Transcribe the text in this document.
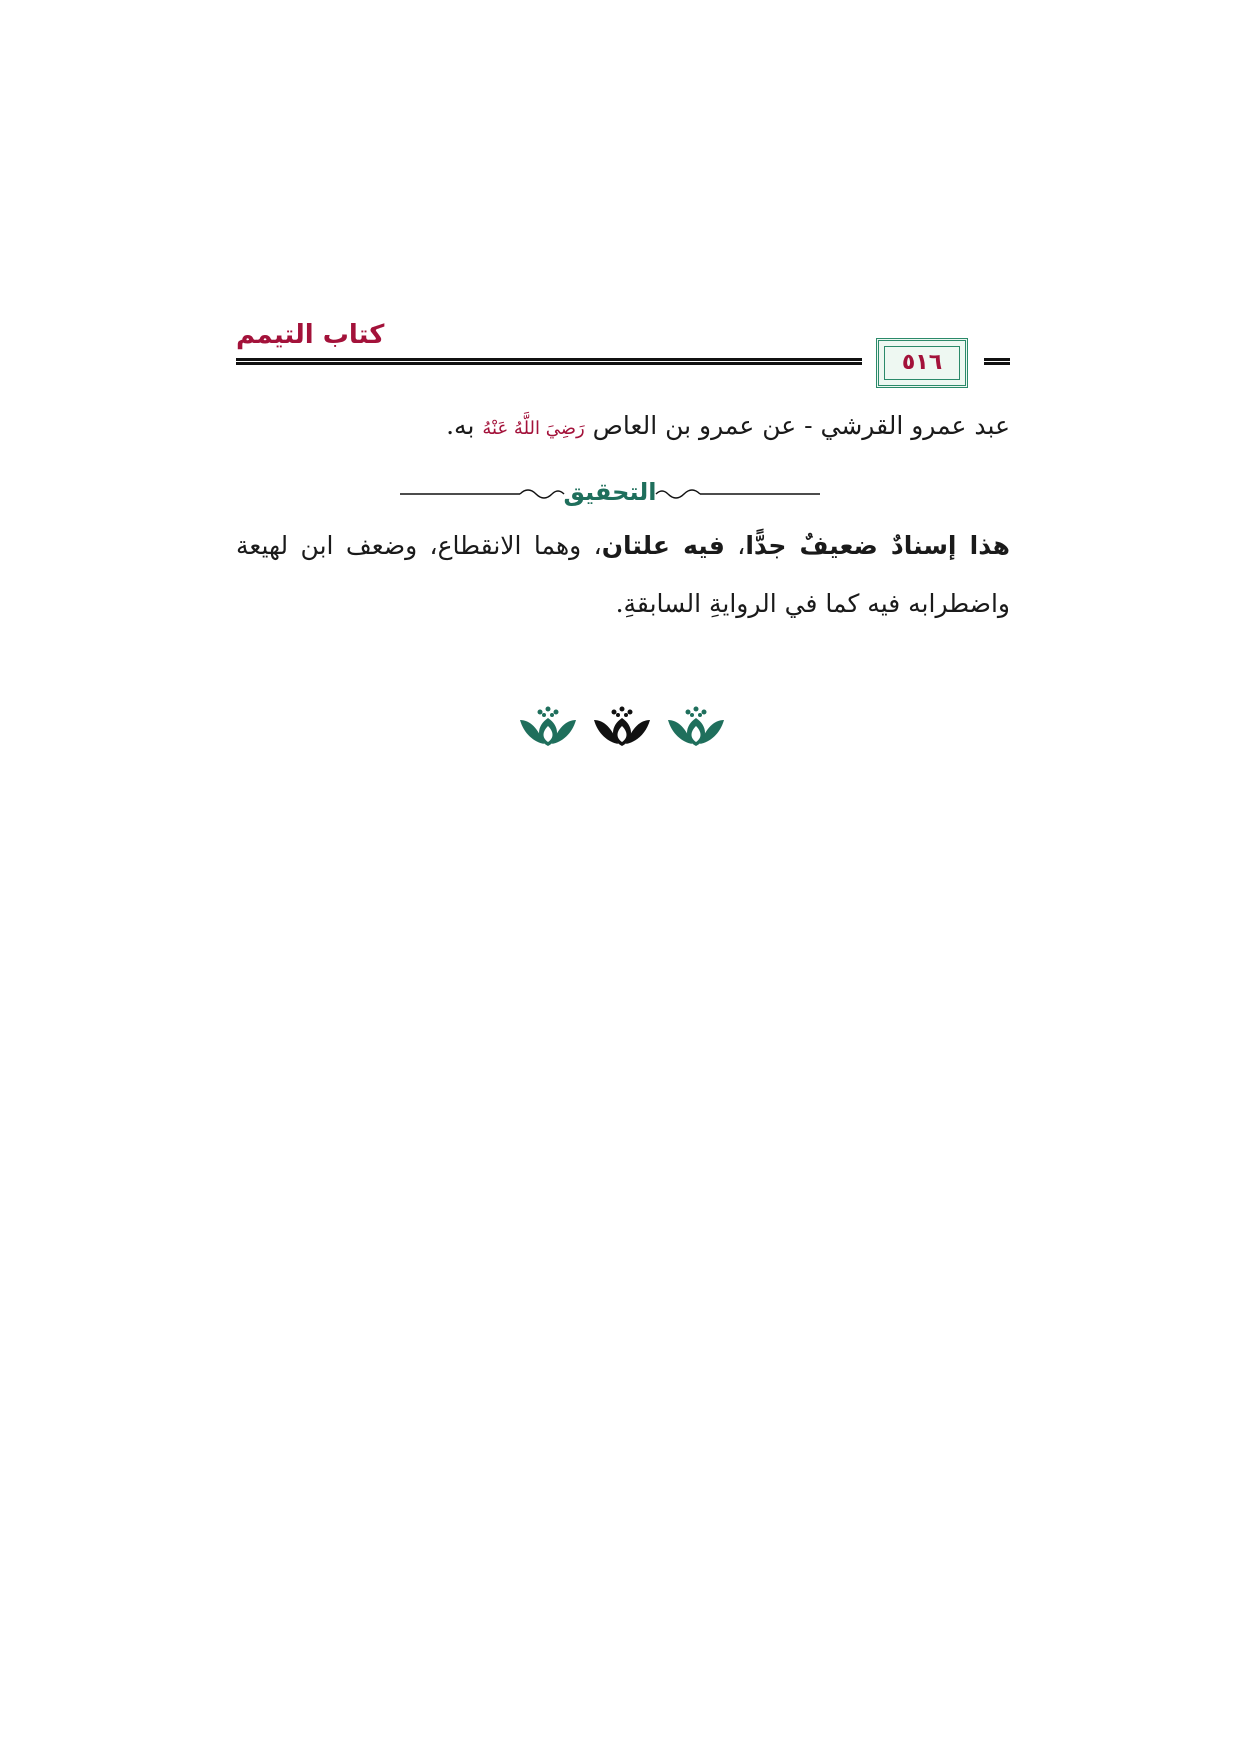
كتاب التيمم
٥١٦
عبد عمرو القرشي - عن عمرو بن العاص رَضِيَ اللَّهُ عَنْهُ به.
التحقيق
هذا إسنادٌ ضعيفٌ جدًّا، فيه علتان، وهما الانقطاع، وضعف ابن لهيعة
واضطرابه فيه كما في الروايةِ السابقةِ.
